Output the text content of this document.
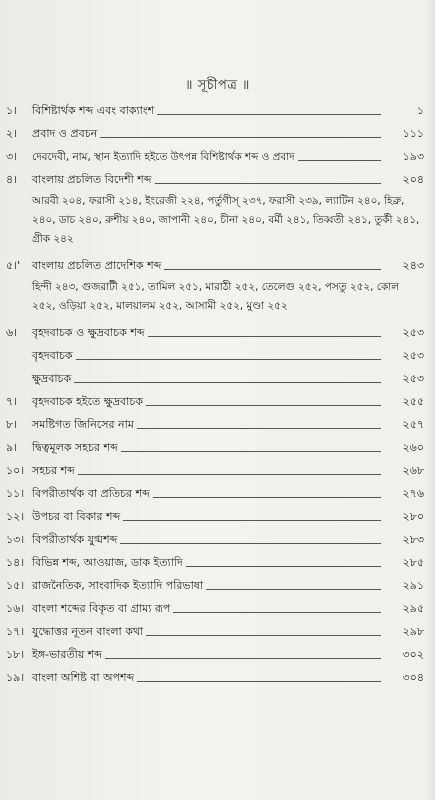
॥ সূচীপত্র ॥
১।	বিশিষ্টার্থক শব্দ এবং বাক্যাংশ	১
২।	প্রবাদ ও প্রবচন	১১১
৩।	দেবদেবী, নাম, স্থান ইত্যাদি হইতে উৎপন্ন বিশিষ্টার্থক শব্দ ও প্রবাদ	১৯৩
৪।	বাংলায় প্রচলিত বিদেশী শব্দ	২০৪
আরবী ২০৪, ফরাসী ২১৪, ইংরেজী ২২৪, পর্তুগীস্ ২৩৭, ফরাসী ২৩৯, ল্যাটিন ২৪০, হিব্রু, ২৪০, ডাচ ২৪০, রুশীয় ২৪০, জাপানী ২৪০, চীনা ২৪০, বর্মী ২৪১, তিব্বতী ২৪১, তুর্কী ২৪১, গ্রীক ২৪২
৫।'	বাংলায় প্রচলিত প্রাদেশিক শব্দ	২৪৩
হিন্দী ২৪৩, গুজরাটী ২৫১, তামিল ২৫১, মারাঠী ২৫২, তেলেগু ২৫২, পসতু ২৫২, কোল ২৫২, ওড়িয়া ২৫২, মালয়ালম ২৫২, আসামী ২৫২, মুণ্ডা ২৫২
৬।	বৃহদবাচক ও ক্ষুদ্রবাচক শব্দ	২৫৩
বৃহদবাচক	২৫৩
ক্ষুদ্রবাচক	২৫৩
৭।	বৃহদবাচক হইতে ক্ষুদ্রবাচক	২৫৫
৮।	সমষ্টিগত জিনিসের নাম	২৫৭
৯।	দ্বিত্বমূলক সহচর শব্দ	২৬০
১০। সহচর শব্দ	২৬৮
১১। বিপরীতার্থক বা প্রতিচর শব্দ	২৭৬
১২। উপচর বা বিকার শব্দ	২৮০
১৩। বিপরীতার্থক যুগ্মশব্দ	২৮৩
১৪। বিভিন্ন শব্দ, আওয়াজ, ডাক ইত্যাদি	২৮৫
১৫। রাজনৈতিক, সাংবাদিক ইত্যাদি পরিভাষা	২৯১
১৬। বাংলা শব্দের বিকৃত বা গ্রাম্য রূপ	২৯৫
১৭। যুদ্ধোত্তর নূতন বাংলা কথা	২৯৮
১৮। ইঙ্গ-ভারতীয় শব্দ	৩০২
১৯। বাংলা অশিষ্ট বা অপশব্দ	৩০৪
